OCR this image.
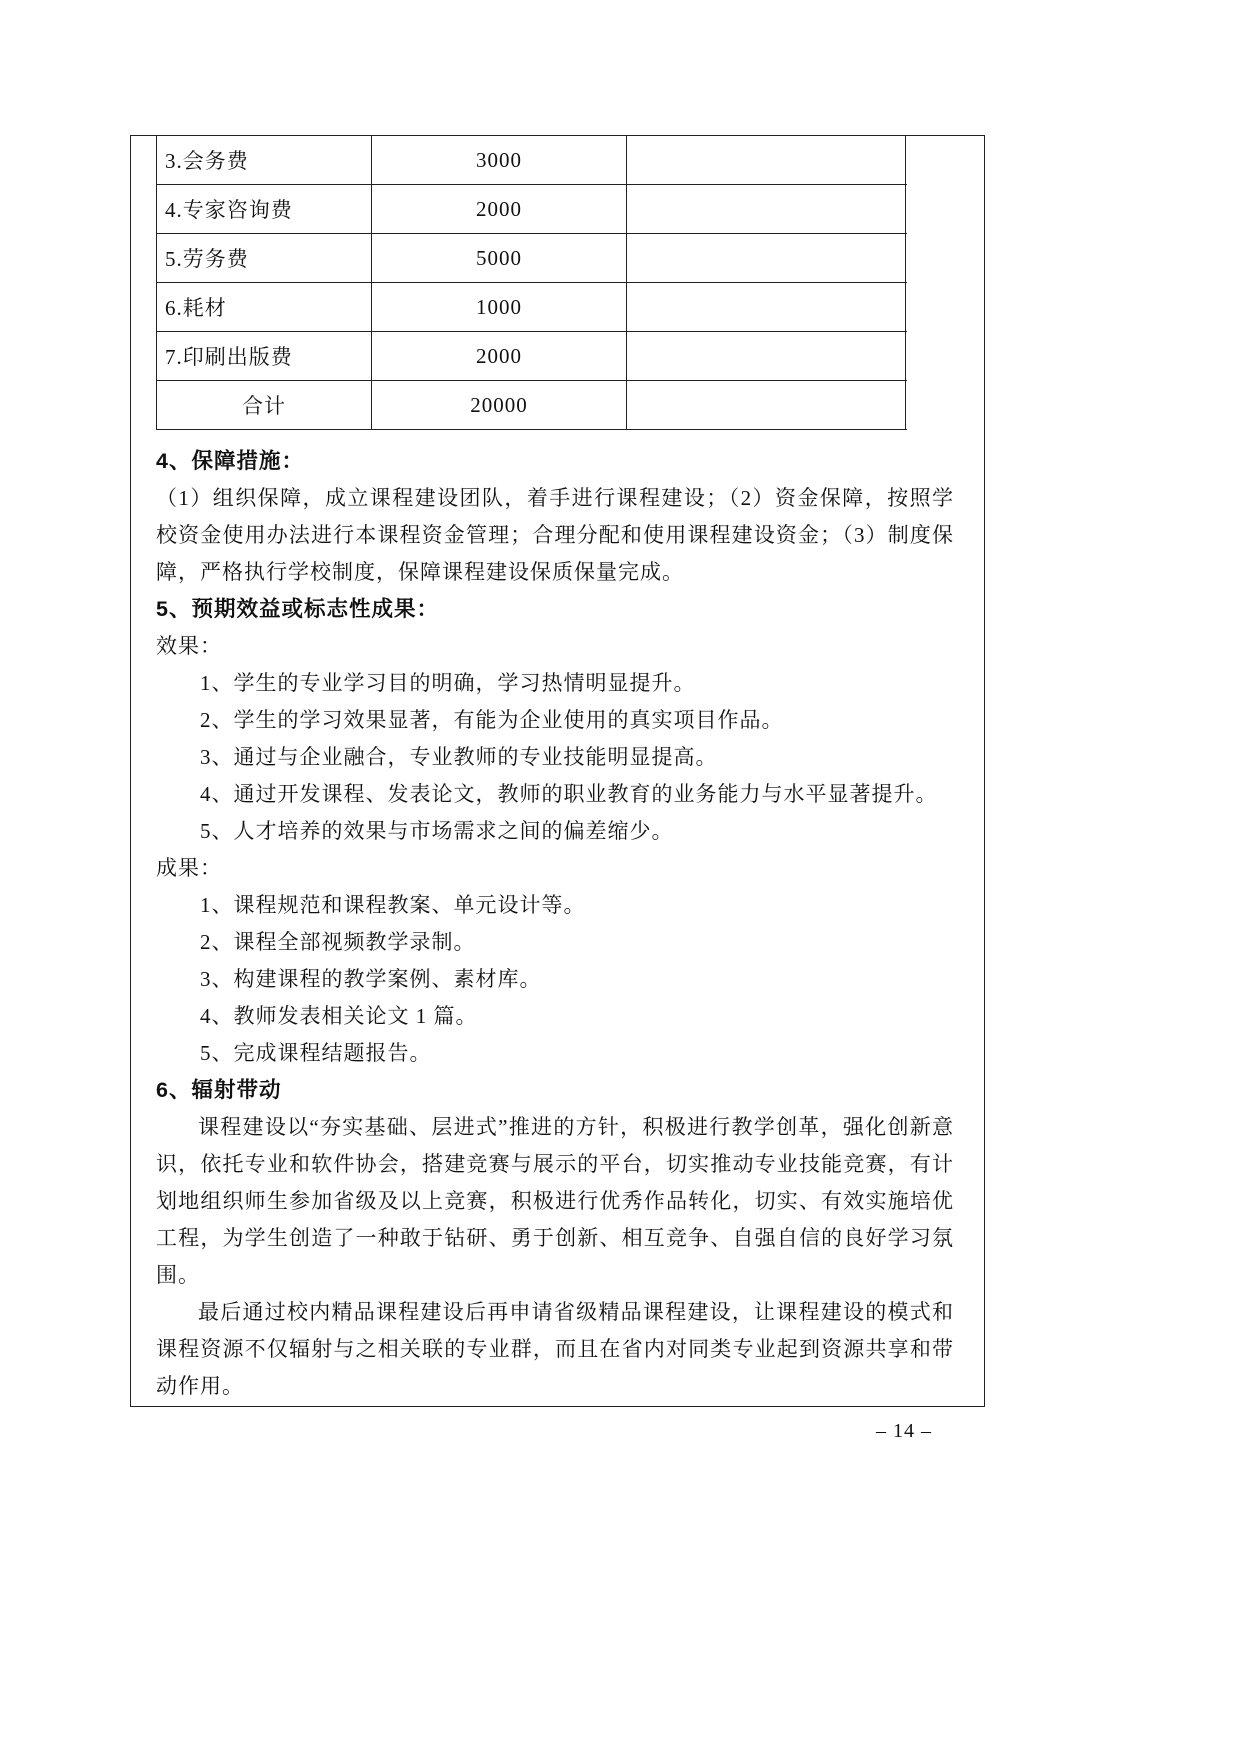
3.会务费	3000
4.专家咨询费	2000
5.劳务费	5000
6.耗材	1000
7.印刷出版费	2000
合计	20000
4、保障措施：
（1）组织保障，成立课程建设团队，着手进行课程建设；（2）资金保障，按照学校资金使用办法进行本课程资金管理；合理分配和使用课程建设资金；（3）制度保障，严格执行学校制度，保障课程建设保质保量完成。
5、预期效益或标志性成果：
效果：
1、学生的专业学习目的明确，学习热情明显提升。
2、学生的学习效果显著，有能为企业使用的真实项目作品。
3、通过与企业融合，专业教师的专业技能明显提高。
4、通过开发课程、发表论文，教师的职业教育的业务能力与水平显著提升。
5、人才培养的效果与市场需求之间的偏差缩少。
成果：
1、课程规范和课程教案、单元设计等。
2、课程全部视频教学录制。
3、构建课程的教学案例、素材库。
4、教师发表相关论文 1 篇。
5、完成课程结题报告。
6、辐射带动
课程建设以“夯实基础、层进式”推进的方针，积极进行教学创革，强化创新意识，依托专业和软件协会，搭建竞赛与展示的平台，切实推动专业技能竞赛，有计划地组织师生参加省级及以上竞赛，积极进行优秀作品转化，切实、有效实施培优工程，为学生创造了一种敢于钻研、勇于创新、相互竞争、自强自信的良好学习氛围。
最后通过校内精品课程建设后再申请省级精品课程建设，让课程建设的模式和课程资源不仅辐射与之相关联的专业群，而且在省内对同类专业起到资源共享和带动作用。
– 14 –
